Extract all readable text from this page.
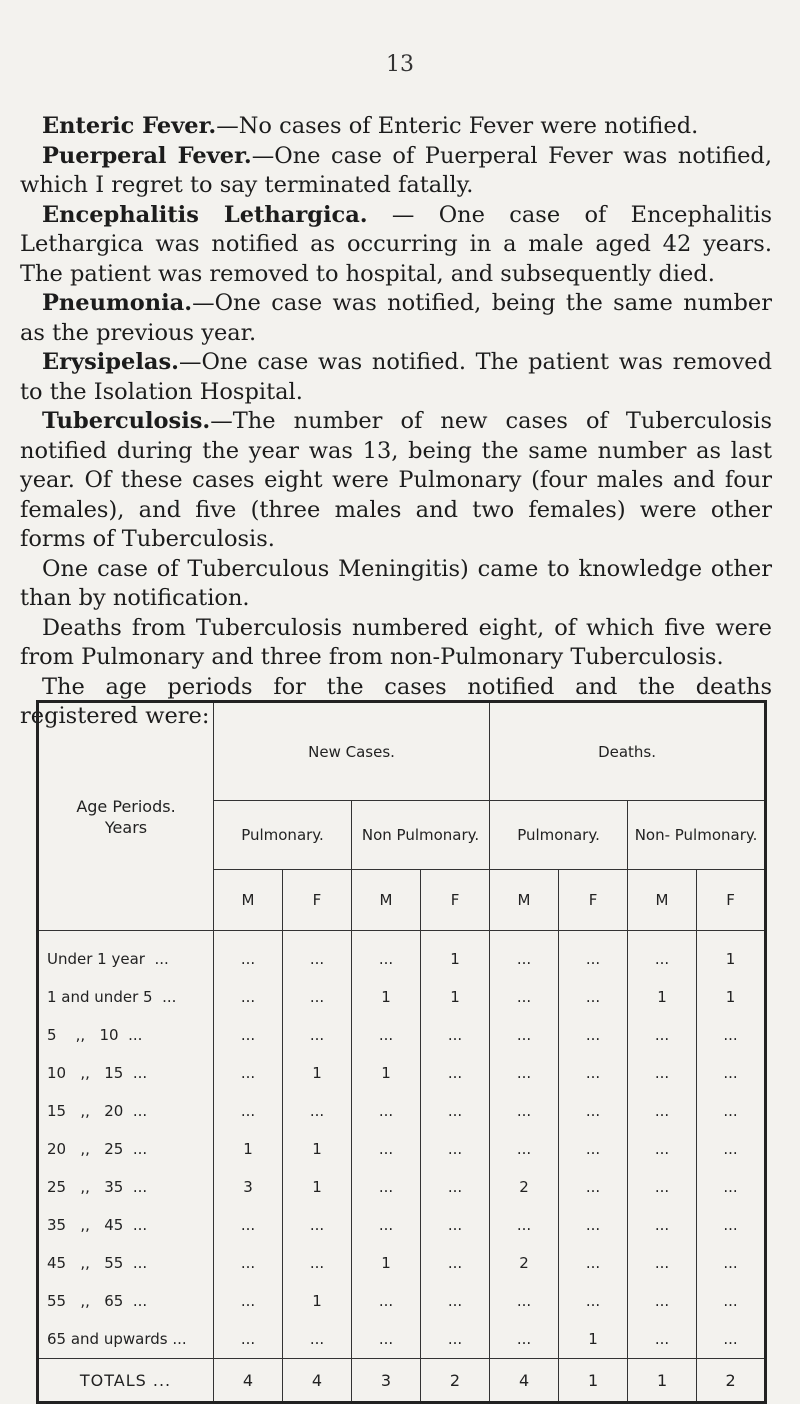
13

Enteric Fever.—No cases of Enteric Fever were notified.

Puerperal Fever.—One case of Puerperal Fever was notified, which I regret to say terminated fatally.

Encephalitis Lethargica. — One case of Encephalitis Lethargica was notified as occurring in a male aged 42 years. The patient was removed to hospital, and subsequently died.

Pneumonia.—One case was notified, being the same number as the previous year.

Erysipelas.—One case was notified. The patient was removed to the Isolation Hospital.

Tuberculosis.—The number of new cases of Tuberculosis notified during the year was 13, being the same number as last year. Of these cases eight were Pulmonary (four males and four females), and five (three males and two females) were other forms of Tuberculosis.

One case of Tuberculous Meningitis) came to knowledge other than by notification.

Deaths from Tuberculosis numbered eight, of which five were from Pulmonary and three from non-Pulmonary Tuberculosis.

The age periods for the cases notified and the deaths registered were:

Age Periods.
Years	New Cases.				Deaths.			
	Pulmonary.		Non Pulmonary.		Pulmonary.		Non- Pulmonary.	
	M	F	M	F	M	F	M	F
Under 1 year  ...	...	...	...	1	...	...	...	1
1 and under 5  ...	...	...	1	1	...	...	1	1
5    ,,   10  ...	...	...	...	...	...	...	...	...
10   ,,   15  ...	...	1	1	...	...	...	...	...
15   ,,   20  ...	...	...	...	...	...	...	...	...
20   ,,   25  ...	1	1	...	...	...	...	...	...
25   ,,   35  ...	3	1	...	...	2	...	...	...
35   ,,   45  ...	...	...	...	...	...	...	...	...
45   ,,   55  ...	...	...	1	...	2	...	...	...
55   ,,   65  ...	...	1	...	...	...	...	...	...
65 and upwards ...	...	...	...	...	...	1	...	...
TOTALS ...	4	4	3	2	4	1	1	2
